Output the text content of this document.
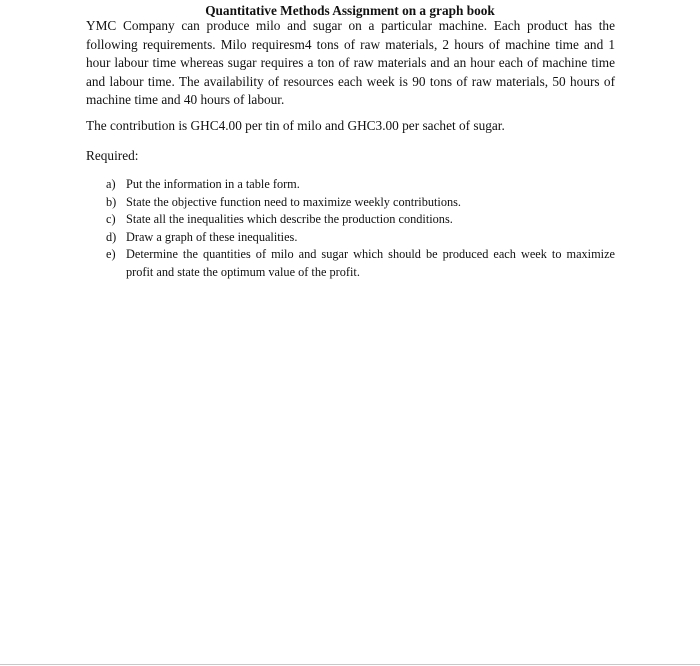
Quantitative Methods Assignment on a graph book

YMC Company can produce milo and sugar on a particular machine. Each product has the following requirements. Milo requiresm4 tons of raw materials, 2 hours of machine time and 1 hour labour time whereas sugar requires a ton of raw materials and an hour each of machine time and labour time. The availability of resources each week is 90 tons of raw materials, 50 hours of machine time and 40 hours of labour.

The contribution is GHC4.00 per tin of milo and GHC3.00 per sachet of sugar.

Required:

a) Put the information in a table form.
b) State the objective function need to maximize weekly contributions.
c) State all the inequalities which describe the production conditions.
d) Draw a graph of these inequalities.
e) Determine the quantities of milo and sugar which should be produced each week to maximize profit and state the optimum value of the profit.
